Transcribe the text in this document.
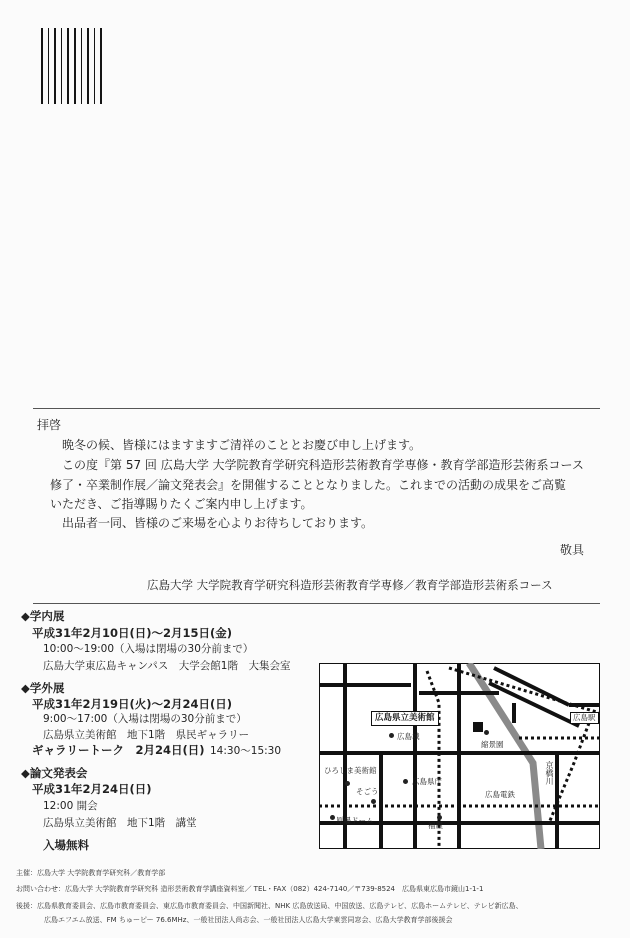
拝啓
晩冬の候、皆様にはますますご清祥のこととお慶び申し上げます。
この度『第 57 回 広島大学 大学院教育学研究科造形芸術教育学専修・教育学部造形芸術系コース
修了・卒業制作展／論文発表会』を開催することとなりました。これまでの活動の成果をご高覧
いただき、ご指導賜りたくご案内申し上げます。
出品者一同、皆様のご来場を心よりお待ちしております。
敬具
広島大学 大学院教育学研究科造形芸術教育学専修／教育学部造形芸術系コース
◆学内展
平成31年2月10日(日)～2月15日(金)
10:00～19:00（入場は閉場の30分前まで）
広島大学東広島キャンパス　大学会館1階　大集会室
◆学外展
平成31年2月19日(火)～2月24日(日)
9:00～17:00（入場は閉場の30分前まで）
広島県立美術館　地下1階　県民ギャラリー
ギャラリートーク　2月24日(日) 14:30～15:30
◆論文発表会
平成31年2月24日(日)
12:00 開会
広島県立美術館　地下1階　講堂
入場無料
広島県立美術館	広島駅
広島城
縮景園
ひろしま美術館
広島県庁
そごう	広島電鉄
京橋川
原爆ドーム
福屋
主催：広島大学 大学院教育学研究科／教育学部
お問い合わせ：広島大学 大学院教育学研究科 造形芸術教育学講座資料室／ TEL・FAX（082）424-7140／〒739-8524　広島県東広島市鏡山1-1-1
後援：広島県教育委員会、広島市教育委員会、東広島市教育委員会、中国新聞社、NHK 広島放送局、中国放送、広島テレビ、広島ホームテレビ、テレビ新広島、
広島エフエム放送、FM ちゅーピー 76.6MHz、一般社団法人尚志会、一般社団法人広島大学東雲同窓会、広島大学教育学部後援会
